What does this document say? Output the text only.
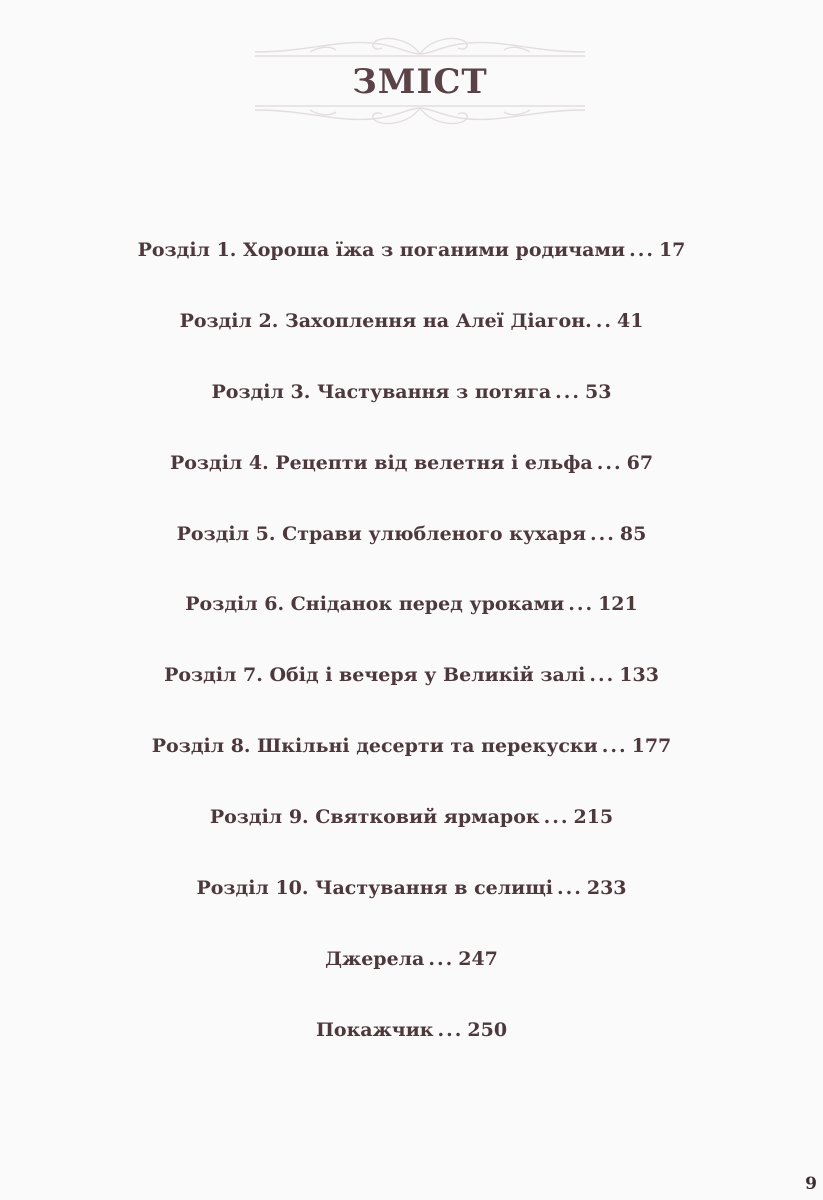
ЗМІСТ
Розділ 1. Хороша їжа з поганими родичами ... 17
Розділ 2. Захоплення на Алеї Діагон. .. 41
Розділ 3. Частування з потяга ... 53
Розділ 4. Рецепти від велетня і ельфа ... 67
Розділ 5. Страви улюбленого кухаря ... 85
Розділ 6. Сніданок перед уроками ... 121
Розділ 7. Обід і вечеря у Великій залі ... 133
Розділ 8. Шкільні десерти та перекуски ... 177
Розділ 9. Святковий ярмарок ... 215
Розділ 10. Частування в селищі ... 233
Джерела ... 247
Покажчик ... 250
9
